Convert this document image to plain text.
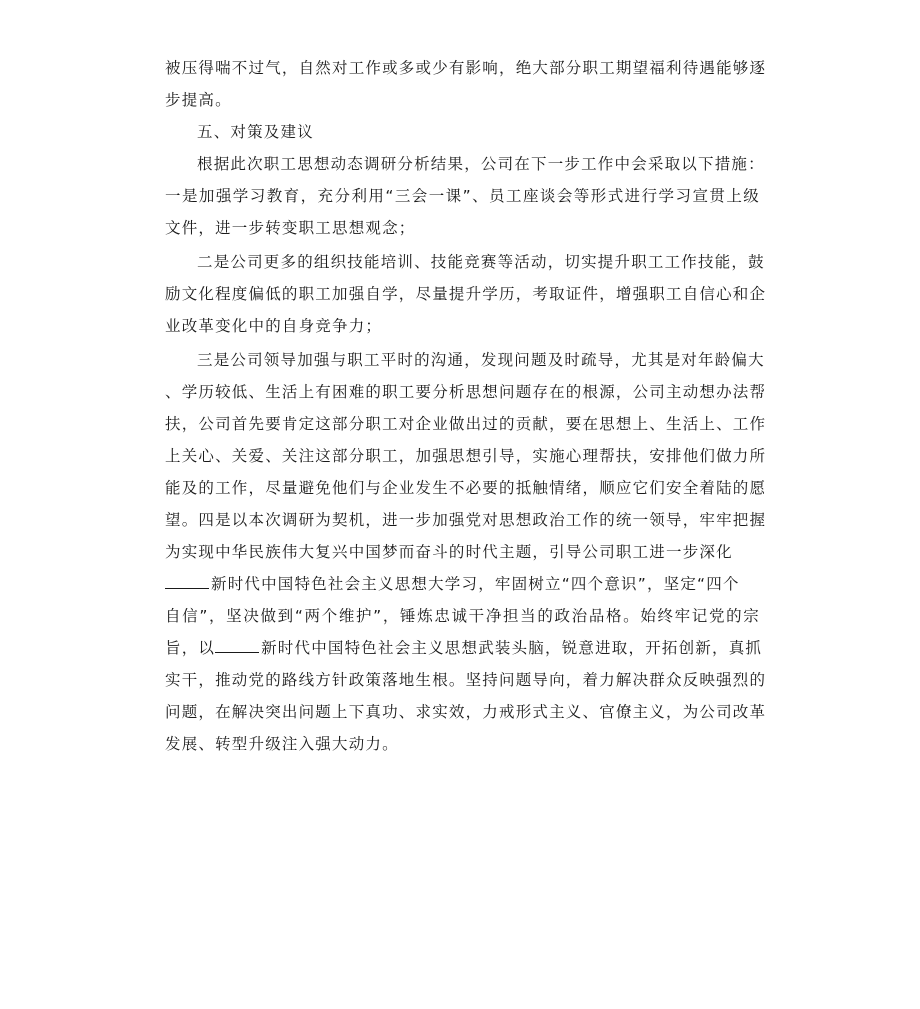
被压得喘不过气，自然对工作或多或少有影响，绝大部分职工期望福利待遇能够逐

步提高。

五、对策及建议

根据此次职工思想动态调研分析结果，公司在下一步工作中会采取以下措施：

一是加强学习教育，充分利用“三会一课”、员工座谈会等形式进行学习宣贯上级

文件，进一步转变职工思想观念；

二是公司更多的组织技能培训、技能竞赛等活动，切实提升职工工作技能，鼓

励文化程度偏低的职工加强自学，尽量提升学历，考取证件，增强职工自信心和企

业改革变化中的自身竞争力；

三是公司领导加强与职工平时的沟通，发现问题及时疏导，尤其是对年龄偏大

、学历较低、生活上有困难的职工要分析思想问题存在的根源，公司主动想办法帮

扶，公司首先要肯定这部分职工对企业做出过的贡献，要在思想上、生活上、工作

上关心、关爱、关注这部分职工，加强思想引导，实施心理帮扶，安排他们做力所

能及的工作，尽量避免他们与企业发生不必要的抵触情绪，顺应它们安全着陆的愿

望。四是以本次调研为契机，进一步加强党对思想政治工作的统一领导，牢牢把握

为实现中华民族伟大复兴中国梦而奋斗的时代主题，引导公司职工进一步深化

新时代中国特色社会主义思想大学习，牢固树立“四个意识”，坚定“四个

自信”，坚决做到“两个维护”，锤炼忠诚干净担当的政治品格。始终牢记党的宗

旨，以	新时代中国特色社会主义思想武装头脑，锐意进取，开拓创新，真抓

实干，推动党的路线方针政策落地生根。坚持问题导向，着力解决群众反映强烈的

问题，在解决突出问题上下真功、求实效，力戒形式主义、官僚主义，为公司改革

发展、转型升级注入强大动力。
